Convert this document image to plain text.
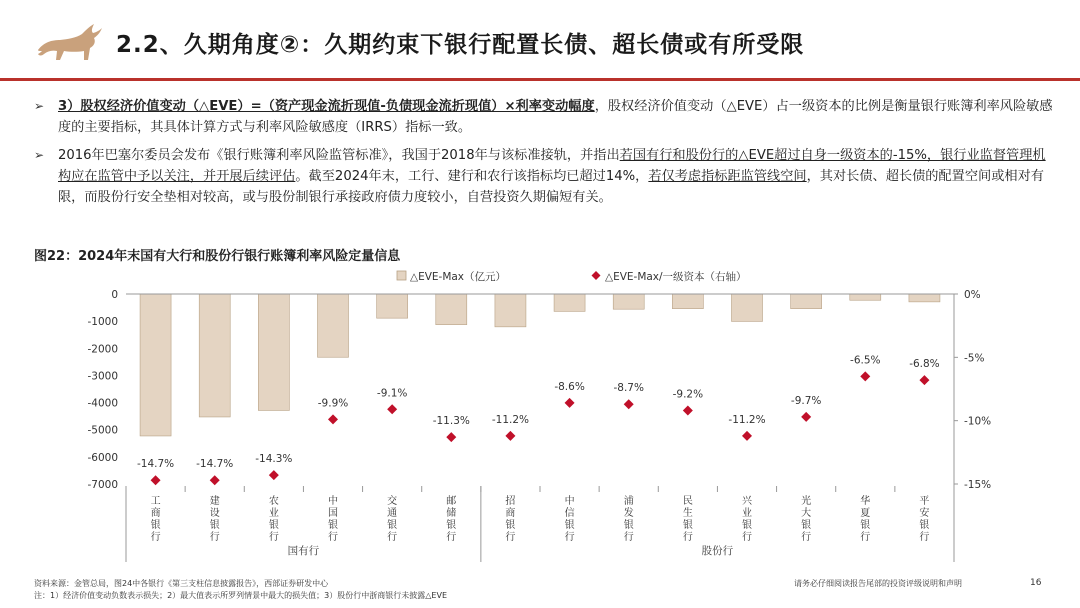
2.2、久期角度②：久期约束下银行配置长债、超长债或有所受限
➢ 3）股权经济价值变动（△EVE）=（资产现金流折现值-负债现金流折现值）×利率变动幅度，股权经济价值变动（△EVE）占一级资本的比例是衡量银行账簿利率风险敏感度的主要指标，其具体计算方式与利率风险敏感度（IRRS）指标一致。
➢ 2016年巴塞尔委员会发布《银行账簿利率风险监管标准》，我国于2018年与该标准接轨，并指出若国有行和股份行的△EVE超过自身一级资本的-15%，银行业监督管理机构应在监管中予以关注，并开展后续评估。截至2024年末，工行、建行和农行该指标均已超过14%，若仅考虑指标距监管线空间，其对长债、超长债的配置空间或相对有限，而股份行安全垫相对较高，或与股份制银行承接政府债力度较小，自营投资久期偏短有关。
图22：2024年末国有大行和股份行银行账簿利率风险定量信息
△EVE-Max（亿元）	△EVE-Max/一级资本（右轴）
0
-1000
-2000
-3000
-4000
-5000
-6000
-7000
0%
-5%
-10%
-15%
-14.7% -14.7% -14.3%
-9.9%
-9.1%
-11.3% -11.2%
-8.6%	-8.7%
-9.2%
-11.2%
-9.7%
-6.5%	-6.8%
工商银行
建设银行
农业银行
中国银行
交通银行
邮储银行
招商银行
中信银行
浦发银行
民生银行
兴业银行
光大银行
华夏银行
平安银行
国有行	股份行
资料来源：金管总局，图24中各银行《第三支柱信息披露报告》，西部证券研发中心
注：1）经济价值变动负数表示损失；2）最大值表示所罗列情景中最大的损失值；3）股份行中浙商银行未披露△EVE
请务必仔细阅读报告尾部的投资评级说明和声明	16
